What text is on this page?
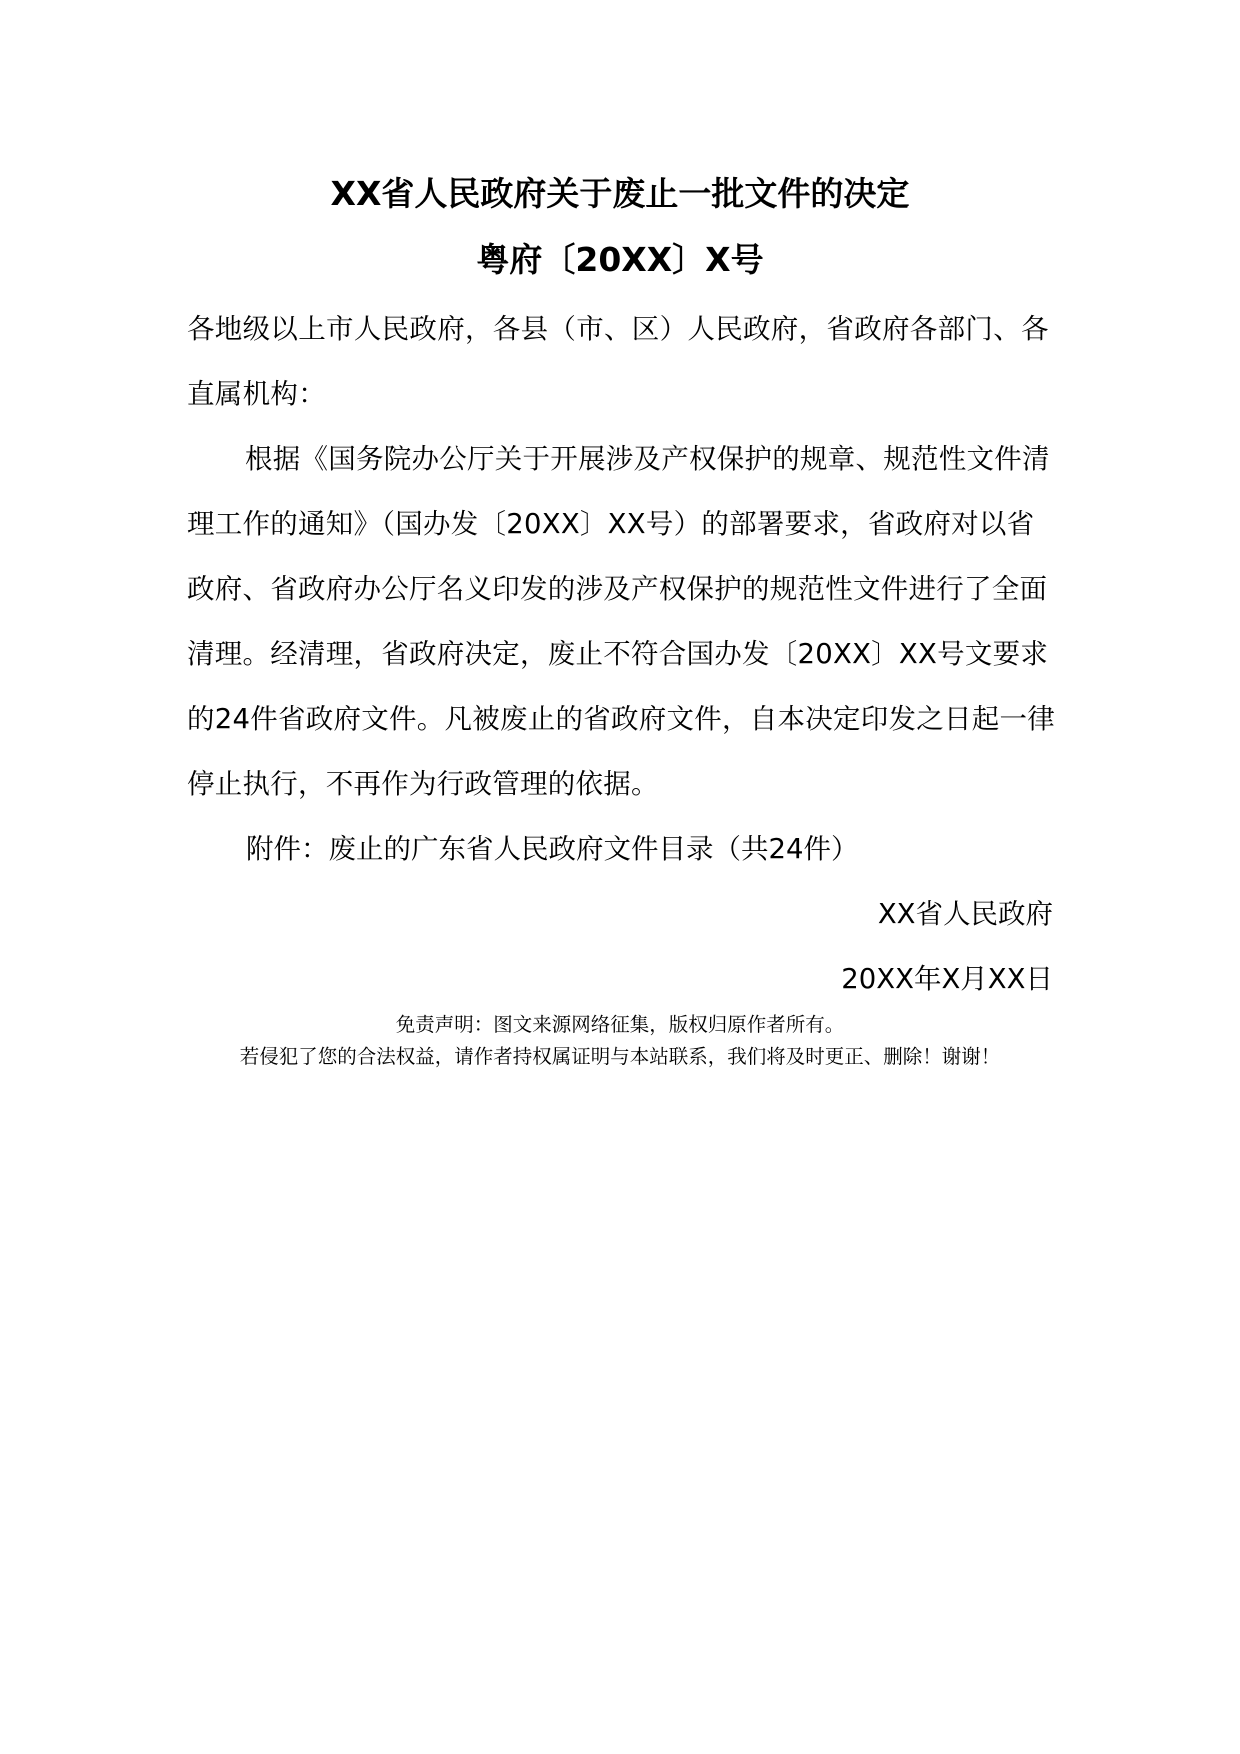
XX省人民政府关于废止一批文件的决定
粤府〔20XX〕X号

各地级以上市人民政府，各县（市、区）人民政府，省政府各部门、各直属机构：

根据《国务院办公厅关于开展涉及产权保护的规章、规范性文件清理工作的通知》（国办发〔20XX〕XX号）的部署要求，省政府对以省政府、省政府办公厅名义印发的涉及产权保护的规范性文件进行了全面清理。经清理，省政府决定，废止不符合国办发〔20XX〕XX号文要求的24件省政府文件。凡被废止的省政府文件，自本决定印发之日起一律停止执行，不再作为行政管理的依据。

附件：废止的广东省人民政府文件目录（共24件）

XX省人民政府

20XX年X月XX日

免责声明：图文来源网络征集，版权归原作者所有。

若侵犯了您的合法权益，请作者持权属证明与本站联系，我们将及时更正、删除！谢谢！
